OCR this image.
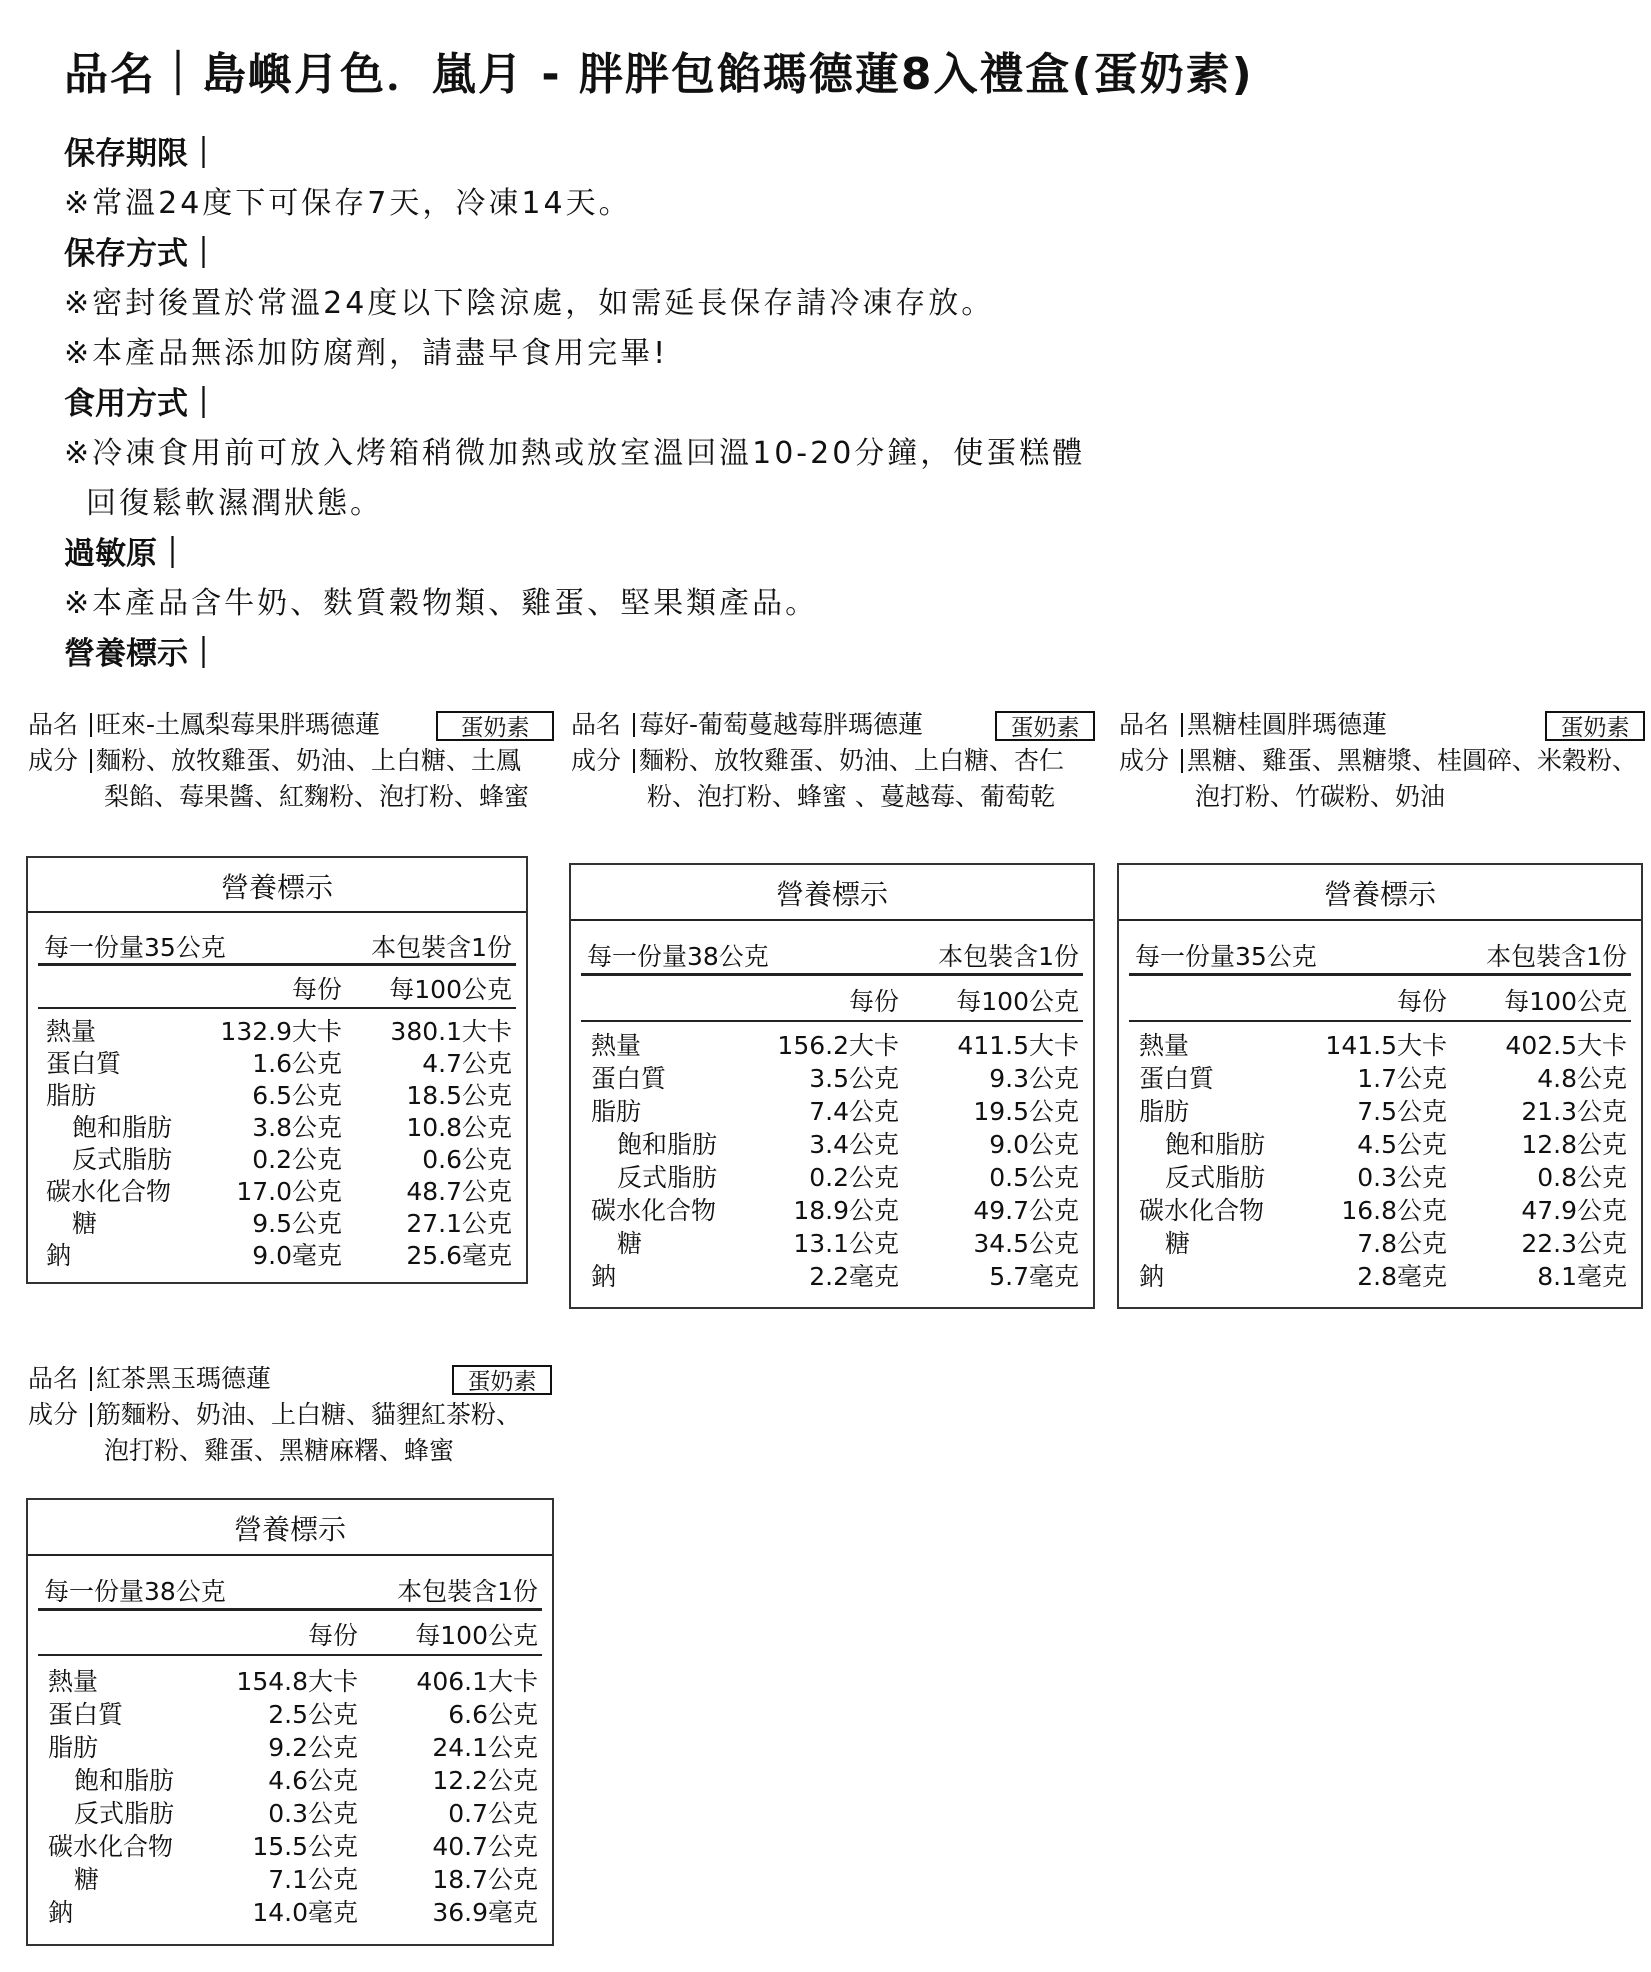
品名｜島嶼月色．嵐月 - 胖胖包餡瑪德蓮8入禮盒(蛋奶素)
保存期限｜
※常溫24度下可保存7天，冷凍14天。
保存方式｜
※密封後置於常溫24度以下陰涼處，如需延長保存請冷凍存放。
※本產品無添加防腐劑，請盡早食用完畢!
食用方式｜
※冷凍食用前可放入烤箱稍微加熱或放室溫回溫10-20分鐘，使蛋糕體
回復鬆軟濕潤狀態。
過敏原｜
※本產品含牛奶、麩質穀物類、雞蛋、堅果類產品。
營養標示｜
品名 旺來-土鳳梨莓果胖瑪德蓮	蛋奶素
成分 麵粉、放牧雞蛋、奶油、上白糖、土鳳
梨餡、莓果醬、紅麴粉、泡打粉、蜂蜜
營養標示
每一份量35公克	本包裝含1份
每份 每100公克
熱量	132.9大卡 380.1大卡
蛋白質	1.6公克	4.7公克
脂肪	6.5公克	18.5公克
飽和脂肪	3.8公克	10.8公克
反式脂肪	0.2公克	0.6公克
碳水化合物	17.0公克	48.7公克
糖	9.5公克	27.1公克
鈉	9.0毫克	25.6毫克
品名 莓好-葡萄蔓越莓胖瑪德蓮	蛋奶素
成分 麵粉、放牧雞蛋、奶油、上白糖、杏仁
粉、泡打粉、蜂蜜 、蔓越莓、葡萄乾
營養標示
每一份量38公克	本包裝含1份
每份 每100公克
熱量	156.2大卡 411.5大卡
蛋白質	3.5公克	9.3公克
脂肪	7.4公克	19.5公克
飽和脂肪	3.4公克	9.0公克
反式脂肪	0.2公克	0.5公克
碳水化合物	18.9公克	49.7公克
糖	13.1公克	34.5公克
鈉	2.2毫克	5.7毫克
品名 黑糖桂圓胖瑪德蓮	蛋奶素
成分 黑糖、雞蛋、黑糖漿、桂圓碎、米穀粉、
泡打粉、竹碳粉、奶油
營養標示
每一份量35公克	本包裝含1份
每份 每100公克
熱量	141.5大卡 402.5大卡
蛋白質	1.7公克	4.8公克
脂肪	7.5公克	21.3公克
飽和脂肪	4.5公克	12.8公克
反式脂肪	0.3公克	0.8公克
碳水化合物	16.8公克	47.9公克
糖	7.8公克	22.3公克
鈉	2.8毫克	8.1毫克
品名 紅茶黑玉瑪德蓮	蛋奶素
成分 筋麵粉、奶油、上白糖、貓貍紅茶粉、
泡打粉、雞蛋、黑糖麻糬、蜂蜜
營養標示
每一份量38公克	本包裝含1份
每份 每100公克
熱量	154.8大卡 406.1大卡
蛋白質	2.5公克	6.6公克
脂肪	9.2公克	24.1公克
飽和脂肪	4.6公克	12.2公克
反式脂肪	0.3公克	0.7公克
碳水化合物	15.5公克	40.7公克
糖	7.1公克	18.7公克
鈉	14.0毫克	36.9毫克
